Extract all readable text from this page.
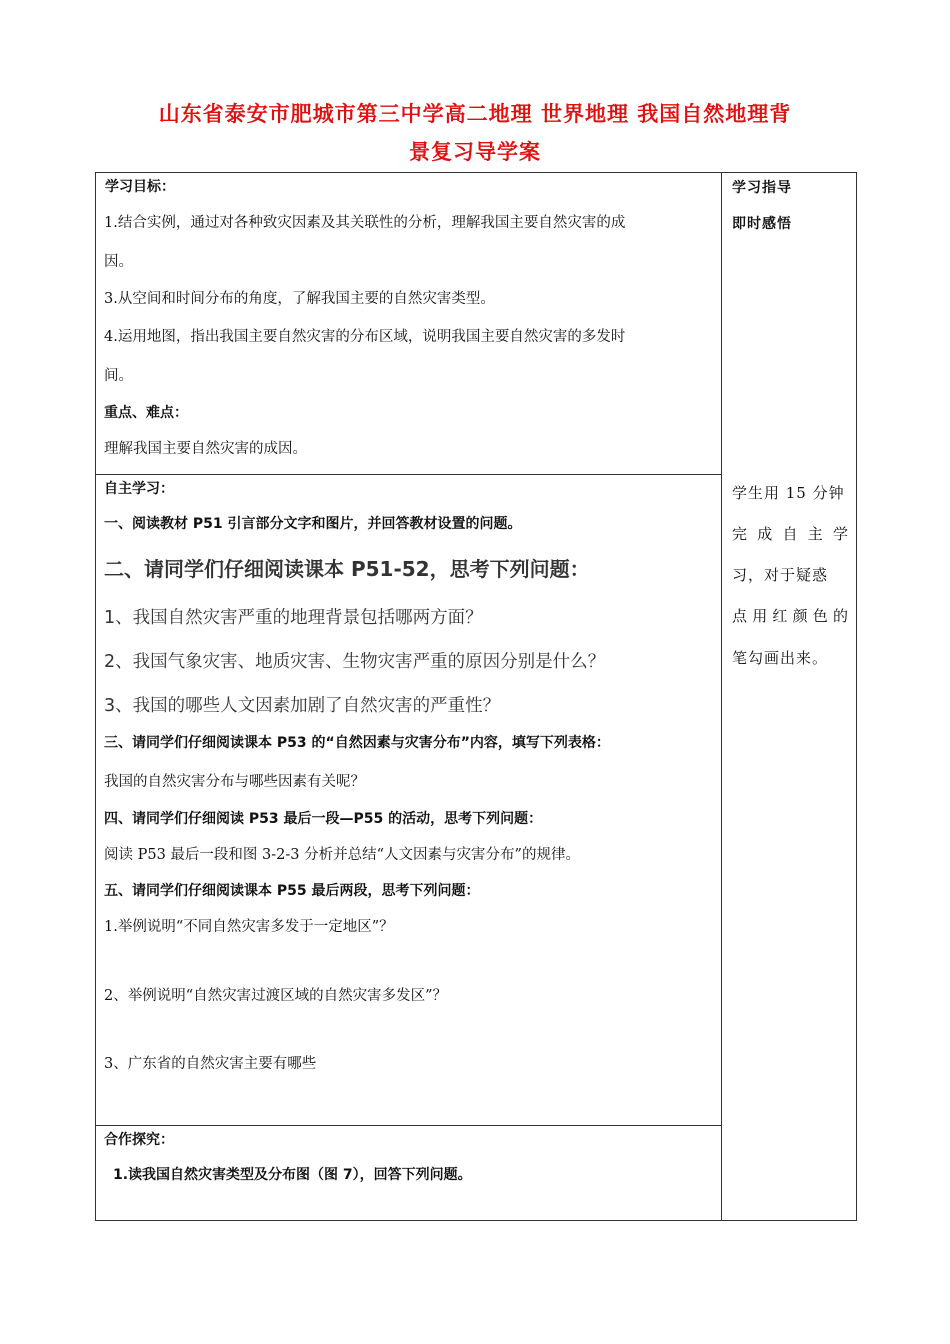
山东省泰安市肥城市第三中学高二地理 世界地理 我国自然地理背
景复习导学案
学习目标：
1.结合实例，通过对各种致灾因素及其关联性的分析，理解我国主要自然灾害的成
因。
3.从空间和时间分布的角度，了解我国主要的自然灾害类型。
4.运用地图，指出我国主要自然灾害的分布区域，说明我国主要自然灾害的多发时
间。
重点、难点：
理解我国主要自然灾害的成因。
自主学习：
一、阅读教材 P51 引言部分文字和图片，并回答教材设置的问题。
二、请同学们仔细阅读课本 P51-52，思考下列问题：
1、我国自然灾害严重的地理背景包括哪两方面？
2、我国气象灾害、地质灾害、生物灾害严重的原因分别是什么？
3、我国的哪些人文因素加剧了自然灾害的严重性？
三、请同学们仔细阅读课本 P53 的“自然因素与灾害分布”内容，填写下列表格：
我国的自然灾害分布与哪些因素有关呢？
四、请同学们仔细阅读 P53 最后一段—P55 的活动，思考下列问题：
阅读 P53 最后一段和图 3-2-3 分析并总结“人文因素与灾害分布”的规律。
五、请同学们仔细阅读课本 P55 最后两段，思考下列问题：
1.举例说明“不同自然灾害多发于一定地区”？
2、举例说明“自然灾害过渡区域的自然灾害多发区”？
3、广东省的自然灾害主要有哪些
合作探究：
1.读我国自然灾害类型及分布图（图 7），回答下列问题。
学习指导
即时感悟
学生用 15 分钟
完 成 自 主 学
习，对于疑惑
点 用 红 颜 色 的
笔勾画出来。
